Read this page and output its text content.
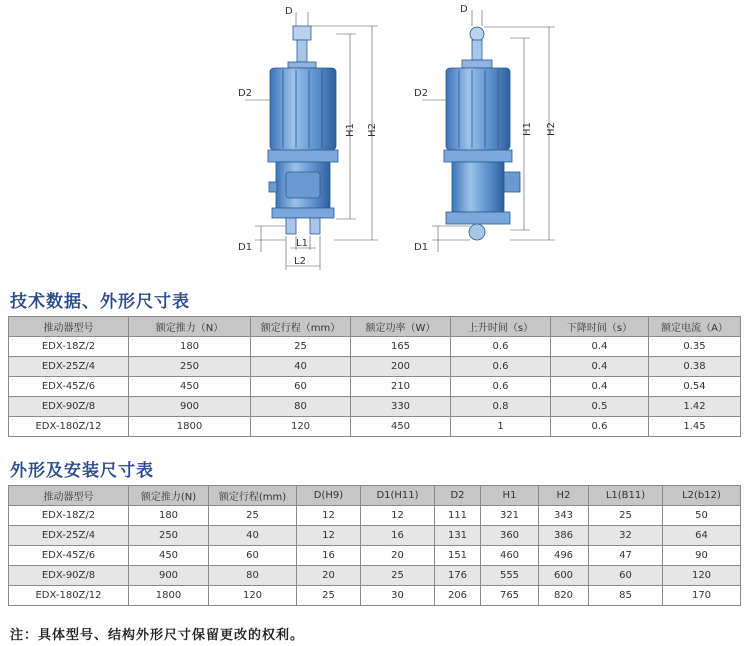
D
D2
H1 H2
D1	L1
L2
D
D2
H1 H2
D1
技术数据、外形尺寸表
推动器型号	额定推力（N）	额定行程（mm）	额定功率（W）	上升时间（s）	下降时间（s）	额定电流（A）
EDX-18Z/2	180	25	165	0.6	0.4	0.35
EDX-25Z/4	250	40	200	0.6	0.4	0.38
EDX-45Z/6	450	60	210	0.6	0.4	0.54
EDX-90Z/8	900	80	330	0.8	0.5	1.42
EDX-180Z/12	1800	120	450	1	0.6	1.45
外形及安装尺寸表
推动器型号	额定推力(N)	额定行程(mm)	D(H9)	D1(H11)	D2	H1	H2	L1(B11)	L2(b12)
EDX-18Z/2	180	25	12	12	111	321	343	25	50
EDX-25Z/4	250	40	12	16	131	360	386	32	64
EDX-45Z/6	450	60	16	20	151	460	496	47	90
EDX-90Z/8	900	80	20	25	176	555	600	60	120
EDX-180Z/12	1800	120	25	30	206	765	820	85	170
注：具体型号、结构外形尺寸保留更改的权利。
